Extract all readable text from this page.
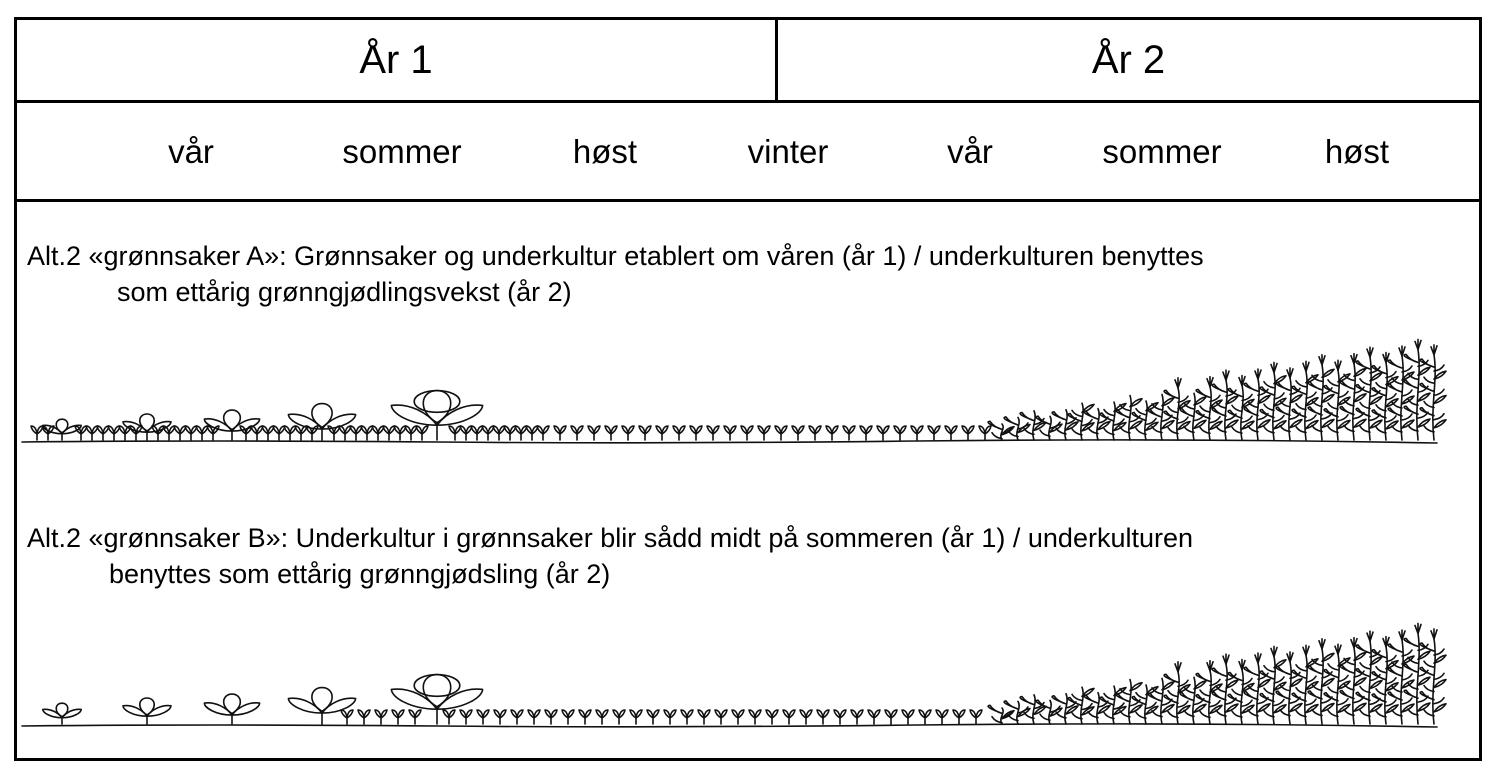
År 1	År 2
vår	sommer	høst	vinter	vår	sommer	høst
Alt.2 «grønnsaker A»: Grønnsaker og underkultur etablert om våren (år 1) / underkulturen benyttes
som ettårig grønngjødlingsvekst (år 2)
Alt.2 «grønnsaker B»: Underkultur i grønnsaker blir sådd midt på sommeren (år 1) / underkulturen
benyttes som ettårig grønngjødsling (år 2)
